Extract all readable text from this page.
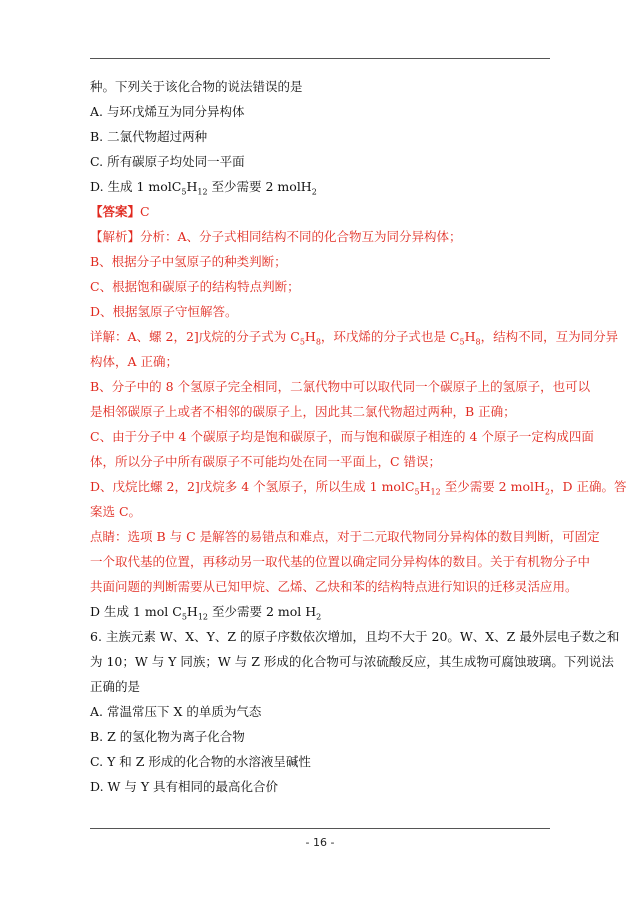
种。下列关于该化合物的说法错误的是

A. 与环戊烯互为同分异构体

B. 二氯代物超过两种

C. 所有碳原子均处同一平面

D. 生成 1 $molC_5H_{12}$ 至少需要 2 molH$_2$

【答案】C

【解析】分析：A、分子式相同结构不同的化合物互为同分异构体；

B、根据分子中氢原子的种类判断；

C、根据饱和碳原子的结构特点判断；

D、根据氢原子守恒解答。

详解：A、螺 2，2]戊烷的分子式为 $C_5H_8$，环戊烯的分子式也是 $C_5H_8$，结构不同，互为同分异

构体，A 正确；

B、分子中的 8 个氢原子完全相同，二氯代物中可以取代同一个碳原子上的氢原子，也可以

是相邻碳原子上或者不相邻的碳原子上，因此其二氯代物超过两种，B 正确；

C、由于分子中 4 个碳原子均是饱和碳原子，而与饱和碳原子相连的 4 个原子一定构成四面

体，所以分子中所有碳原子不可能均处在同一平面上，C 错误；

D、戊烷比螺 2，2]戊烷多 4 个氢原子，所以生成 1 $molC_5H_{12}$ 至少需要 2 molH$_2$，D 正确。答

案选 C。

点睛：选项 B 与 C 是解答的易错点和难点，对于二元取代物同分异构体的数目判断，可固定

一个取代基的位置，再移动另一取代基的位置以确定同分异构体的数目。关于有机物分子中

共面问题的判断需要从已知甲烷、乙烯、乙炔和苯的结构特点进行知识的迁移灵活应用。

D 生成 1 mol $C_5H_{12}$ 至少需要 2 mol $H_2$

6. 主族元素 W、X、Y、Z 的原子序数依次增加，且均不大于 20。W、X、Z 最外层电子数之和

为 10；W 与 Y 同族；W 与 Z 形成的化合物可与浓硫酸反应，其生成物可腐蚀玻璃。下列说法

正确的是

A. 常温常压下 X 的单质为气态

B. Z 的氢化物为离子化合物

C. Y 和 Z 形成的化合物的水溶液呈碱性

D. W 与 Y 具有相同的最高化合价

- 16 -
